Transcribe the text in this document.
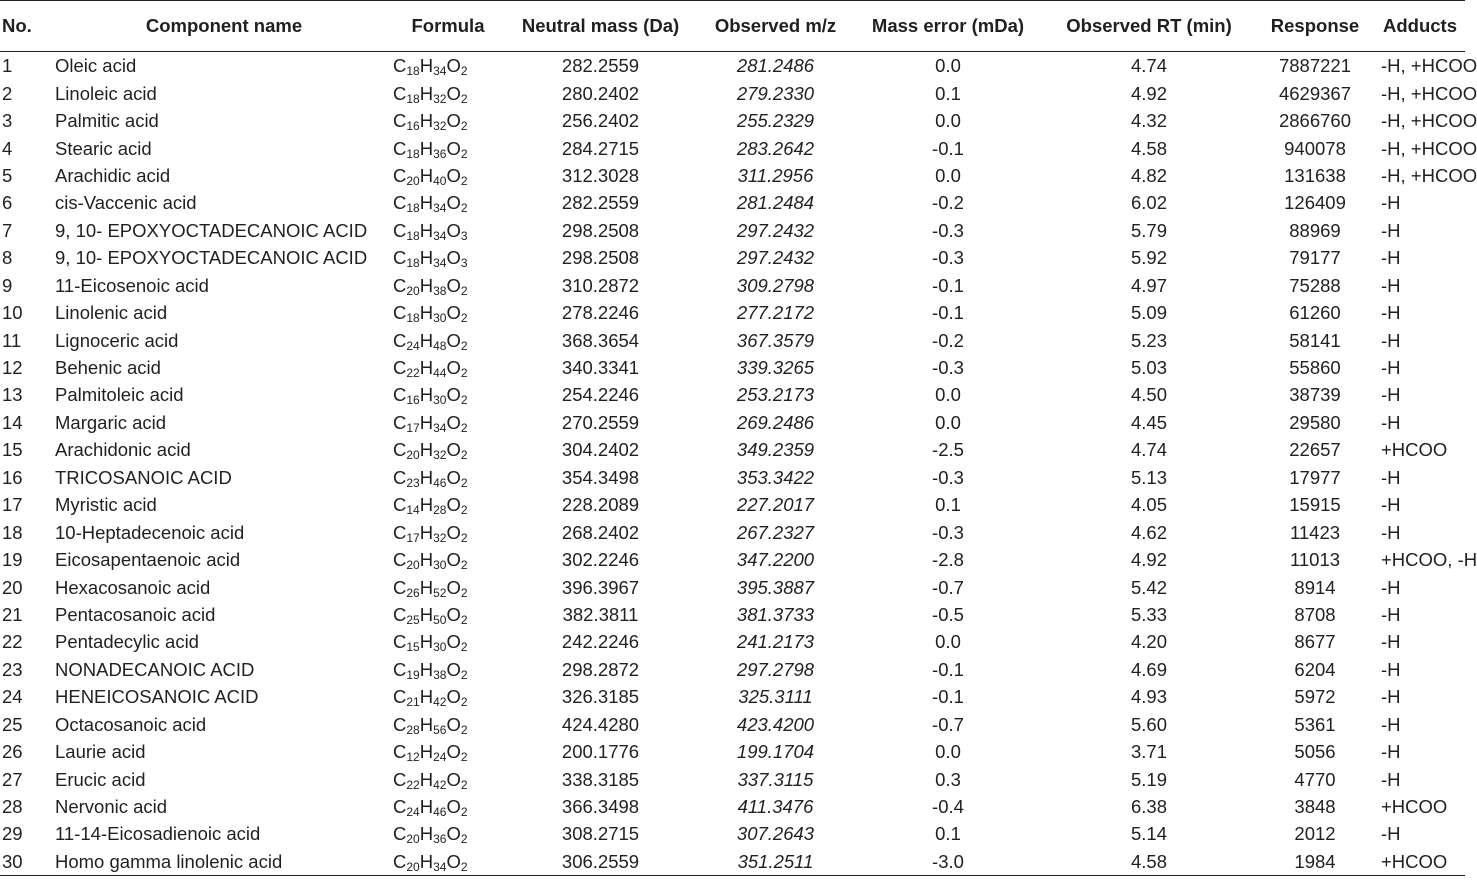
No.	Component name	Formula	Neutral mass (Da)	Observed m/z	Mass error (mDa)	Observed RT (min)	Response	Adducts
1	Oleic acid	$C_{18}H_{34}O_2$	282.2559	281.2486	0.0	4.74	7887221	-H, +HCOO
2	Linoleic acid	$C_{18}H_{32}O_2$	280.2402	279.2330	0.1	4.92	4629367	-H, +HCOO
3	Palmitic acid	$C_{16}H_{32}O_2$	256.2402	255.2329	0.0	4.32	2866760	-H, +HCOO
4	Stearic acid	$C_{18}H_{36}O_2$	284.2715	283.2642	-0.1	4.58	940078	-H, +HCOO
5	Arachidic acid	$C_{20}H_{40}O_2$	312.3028	311.2956	0.0	4.82	131638	-H, +HCOO
6	cis-Vaccenic acid	$C_{18}H_{34}O_2$	282.2559	281.2484	-0.2	6.02	126409	-H
7	9, 10- EPOXYOCTADECANOIC ACID	$C_{18}H_{34}O_3$	298.2508	297.2432	-0.3	5.79	88969	-H
8	9, 10- EPOXYOCTADECANOIC ACID	$C_{18}H_{34}O_3$	298.2508	297.2432	-0.3	5.92	79177	-H
9	11-Eicosenoic acid	$C_{20}H_{38}O_2$	310.2872	309.2798	-0.1	4.97	75288	-H
10	Linolenic acid	$C_{18}H_{30}O_2$	278.2246	277.2172	-0.1	5.09	61260	-H
11	Lignoceric acid	$C_{24}H_{48}O_2$	368.3654	367.3579	-0.2	5.23	58141	-H
12	Behenic acid	$C_{22}H_{44}O_2$	340.3341	339.3265	-0.3	5.03	55860	-H
13	Palmitoleic acid	$C_{16}H_{30}O_2$	254.2246	253.2173	0.0	4.50	38739	-H
14	Margaric acid	$C_{17}H_{34}O_2$	270.2559	269.2486	0.0	4.45	29580	-H
15	Arachidonic acid	$C_{20}H_{32}O_2$	304.2402	349.2359	-2.5	4.74	22657	+HCOO
16	TRICOSANOIC ACID	$C_{23}H_{46}O_2$	354.3498	353.3422	-0.3	5.13	17977	-H
17	Myristic acid	$C_{14}H_{28}O_2$	228.2089	227.2017	0.1	4.05	15915	-H
18	10-Heptadecenoic acid	$C_{17}H_{32}O_2$	268.2402	267.2327	-0.3	4.62	11423	-H
19	Eicosapentaenoic acid	$C_{20}H_{30}O_2$	302.2246	347.2200	-2.8	4.92	11013	+HCOO, -H
20	Hexacosanoic acid	$C_{26}H_{52}O_2$	396.3967	395.3887	-0.7	5.42	8914	-H
21	Pentacosanoic acid	$C_{25}H_{50}O_2$	382.3811	381.3733	-0.5	5.33	8708	-H
22	Pentadecylic acid	$C_{15}H_{30}O_2$	242.2246	241.2173	0.0	4.20	8677	-H
23	NONADECANOIC ACID	$C_{19}H_{38}O_2$	298.2872	297.2798	-0.1	4.69	6204	-H
24	HENEICOSANOIC ACID	$C_{21}H_{42}O_2$	326.3185	325.3111	-0.1	4.93	5972	-H
25	Octacosanoic acid	$C_{28}H_{56}O_2$	424.4280	423.4200	-0.7	5.60	5361	-H
26	Laurie acid	$C_{12}H_{24}O_2$	200.1776	199.1704	0.0	3.71	5056	-H
27	Erucic acid	$C_{22}H_{42}O_2$	338.3185	337.3115	0.3	5.19	4770	-H
28	Nervonic acid	$C_{24}H_{46}O_2$	366.3498	411.3476	-0.4	6.38	3848	+HCOO
29	11-14-Eicosadienoic acid	$C_{20}H_{36}O_2$	308.2715	307.2643	0.1	5.14	2012	-H
30	Homo gamma linolenic acid	$C_{20}H_{34}O_2$	306.2559	351.2511	-3.0	4.58	1984	+HCOO
